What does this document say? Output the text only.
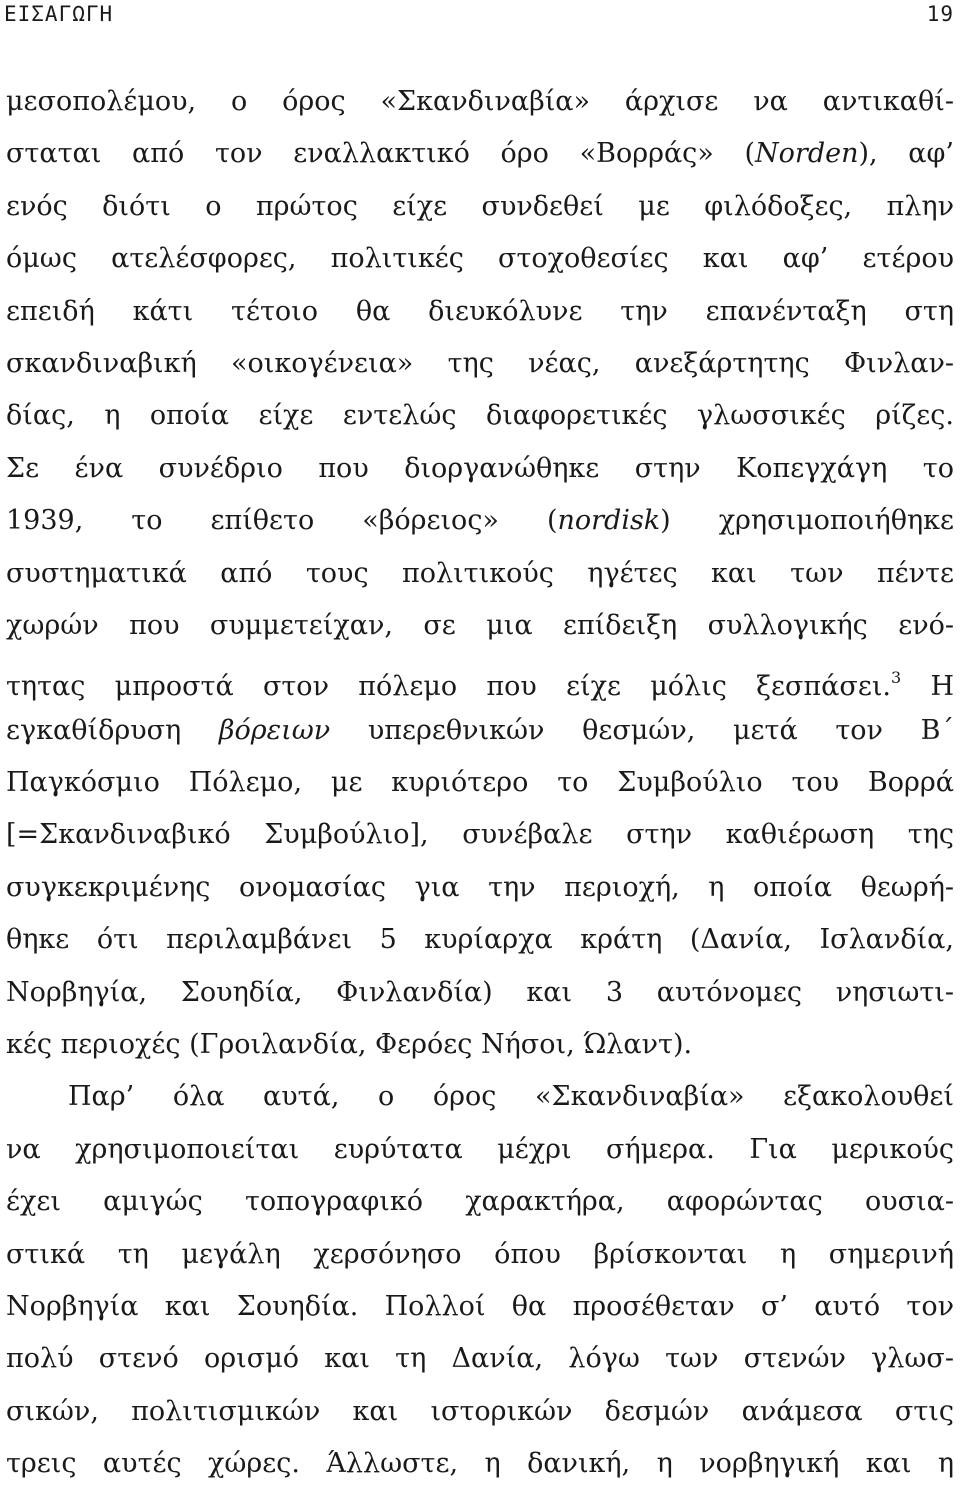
ΕΙΣΑΓΩΓΗ	19
μεσοπολέμου, ο όρος «Σκανδιναβία» άρχισε να αντικαθί-
σταται από τον εναλλακτικό όρο «Βορράς» (Norden), αφ’
ενός διότι ο πρώτος είχε συνδεθεί με φιλόδοξες, πλην
όμως ατελέσφορες, πολιτικές στοχοθεσίες και αφ’ ετέρου
επειδή κάτι τέτοιο θα διευκόλυνε την επανένταξη στη
σκανδιναβική «οικογένεια» της νέας, ανεξάρτητης Φινλαν-
δίας, η οποία είχε εντελώς διαφορετικές γλωσσικές ρίζες.
Σε ένα συνέδριο που διοργανώθηκε στην Κοπεγχάγη το
1939, το επίθετο «βόρειος» (nordisk) χρησιμοποιήθηκε
συστηματικά από τους πολιτικούς ηγέτες και των πέντε
χωρών που συμμετείχαν, σε μια επίδειξη συλλογικής ενό-
τητας μπροστά στον πόλεμο που είχε μόλις ξεσπάσει.$^3$ Η
εγκαθίδρυση βόρειων υπερεθνικών θεσμών, μετά τον Β΄
Παγκόσμιο Πόλεμο, με κυριότερο το Συμβούλιο του Βορρά
[=Σκανδιναβικό Συμβούλιο], συνέβαλε στην καθιέρωση της
συγκεκριμένης ονομασίας για την περιοχή, η οποία θεωρή-
θηκε ότι περιλαμβάνει 5 κυρίαρχα κράτη (Δανία, Ισλανδία,
Νορβηγία, Σουηδία, Φινλανδία) και 3 αυτόνομες νησιωτι-
κές περιοχές (Γροιλανδία, Φερόες Νήσοι, Ώλαντ).
Παρ’ όλα αυτά, ο όρος «Σκανδιναβία» εξακολουθεί
να χρησιμοποιείται ευρύτατα μέχρι σήμερα. Για μερικούς
έχει αμιγώς τοπογραφικό χαρακτήρα, αφορώντας ουσια-
στικά τη μεγάλη χερσόνησο όπου βρίσκονται η σημερινή
Νορβηγία και Σουηδία. Πολλοί θα προσέθεταν σ’ αυτό τον
πολύ στενό ορισμό και τη Δανία, λόγω των στενών γλωσ-
σικών, πολιτισμικών και ιστορικών δεσμών ανάμεσα στις
τρεις αυτές χώρες. Άλλωστε, η δανική, η νορβηγική και η
